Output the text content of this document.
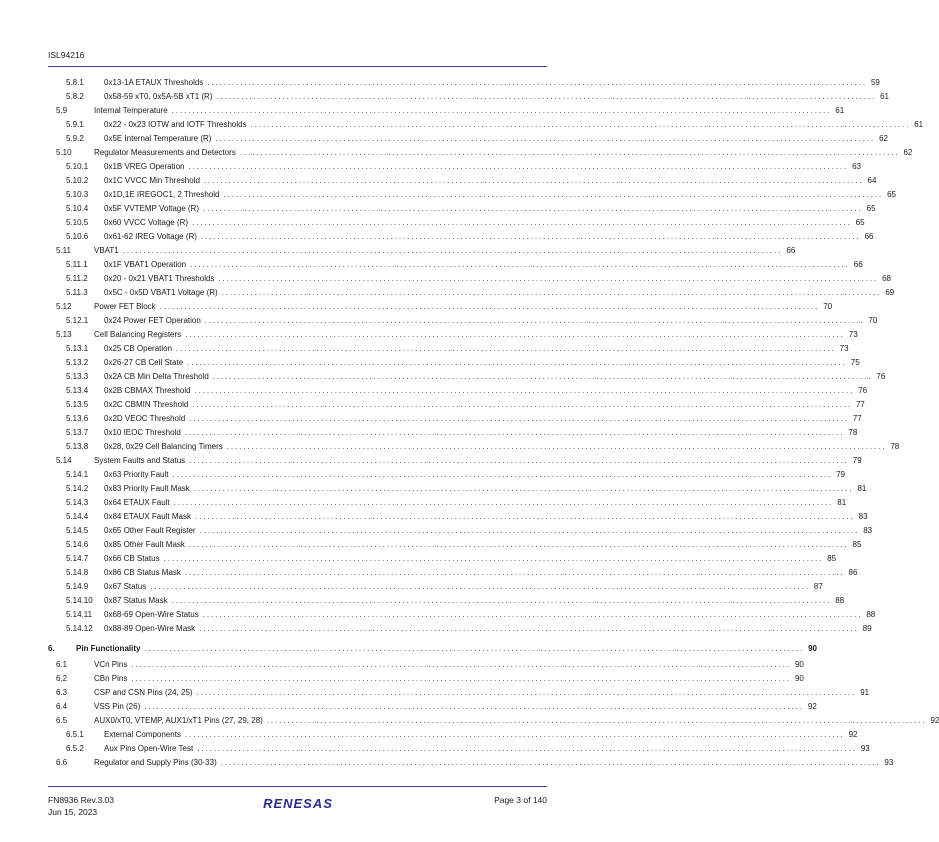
ISL94216
5.8.1	0x13-1A ETAUX Thresholds ................................................................................................................................................................ 59
5.8.2	0x58-59 xT0, 0x5A-5B xT1 (R) ................................................................................................................................................................ 61
5.9	Internal Temperature ................................................................................................................................................................ 61
5.9.1	0x22 - 0x23 IOTW and IOTF Thresholds ................................................................................................................................................................ 61
5.9.2	0x5E Internal Temperature (R) ................................................................................................................................................................ 62
5.10	Regulator Measurements and Detectors ................................................................................................................................................................ 62
5.10.1	0x1B VREG Operation ................................................................................................................................................................ 63
5.10.2	0x1C VVCC Min Threshold ................................................................................................................................................................ 64
5.10.3	0x1D,1E IREGOC1, 2 Threshold ................................................................................................................................................................ 65
5.10.4	0x5F VVTEMP Voltage (R) ................................................................................................................................................................ 65
5.10.5	0x60 VVCC Voltage (R) ................................................................................................................................................................ 65
5.10.6	0x61-62 IREG Voltage (R) ................................................................................................................................................................ 66
5.11	VBAT1 ................................................................................................................................................................ 66
5.11.1	0x1F VBAT1 Operation ................................................................................................................................................................ 66
5.11.2	0x20 - 0x21 VBAT1 Thresholds ................................................................................................................................................................ 68
5.11.3	0x5C - 0x5D VBAT1 Voltage (R) ................................................................................................................................................................ 69
5.12	Power FET Block ................................................................................................................................................................ 70
5.12.1	0x24 Power FET Operation ................................................................................................................................................................ 70
5.13	Cell Balancing Registers ................................................................................................................................................................ 73
5.13.1	0x25 CB Operation ................................................................................................................................................................ 73
5.13.2	0x26-27 CB Cell State ................................................................................................................................................................ 75
5.13.3	0x2A CB Min Delta Threshold ................................................................................................................................................................ 76
5.13.4	0x2B CBMAX Threshold ................................................................................................................................................................ 76
5.13.5	0x2C CBMIN Threshold ................................................................................................................................................................ 77
5.13.6	0x2D VEOC Threshold ................................................................................................................................................................ 77
5.13.7	0x10 IEOC Threshold ................................................................................................................................................................ 78
5.13.8	0x28, 0x29 Cell Balancing Timers ................................................................................................................................................................ 78
5.14	System Faults and Status ................................................................................................................................................................ 79
5.14.1	0x63 Priority Fault ................................................................................................................................................................ 79
5.14.2	0x83 Priority Fault Mask ................................................................................................................................................................ 81
5.14.3	0x64 ETAUX Fault ................................................................................................................................................................ 81
5.14.4	0x84 ETAUX Fault Mask ................................................................................................................................................................ 83
5.14.5	0x65 Other Fault Register ................................................................................................................................................................ 83
5.14.6	0x85 Other Fault Mask ................................................................................................................................................................ 85
5.14.7	0x66 CB Status ................................................................................................................................................................ 85
5.14.8	0x86 CB Status Mask ................................................................................................................................................................ 86
5.14.9	0x67 Status ................................................................................................................................................................ 87
5.14.10	0x87 Status Mask ................................................................................................................................................................ 88
5.14.11	0x68-69 Open-Wire Status ................................................................................................................................................................ 88
5.14.12	0x88-89 Open-Wire Mask ................................................................................................................................................................ 89
6.	Pin Functionality ................................................................................................................................................................ 90
6.1	VCn Pins ................................................................................................................................................................ 90
6.2	CBn Pins ................................................................................................................................................................ 90
6.3	CSP and CSN Pins (24, 25) ................................................................................................................................................................ 91
6.4	VSS Pin (26) ................................................................................................................................................................ 92
6.5	AUX0/xT0, VTEMP, AUX1/xT1 Pins (27, 29, 28) ................................................................................................................................................................ 92
6.5.1	External Components ................................................................................................................................................................ 92
6.5.2	Aux Pins Open-Wire Test ................................................................................................................................................................ 93
6.6	Regulator and Supply Pins (30-33) ................................................................................................................................................................ 93
FN8936 Rev.3.03
Jun 15, 2023
RENESAS	Page 3 of 140
